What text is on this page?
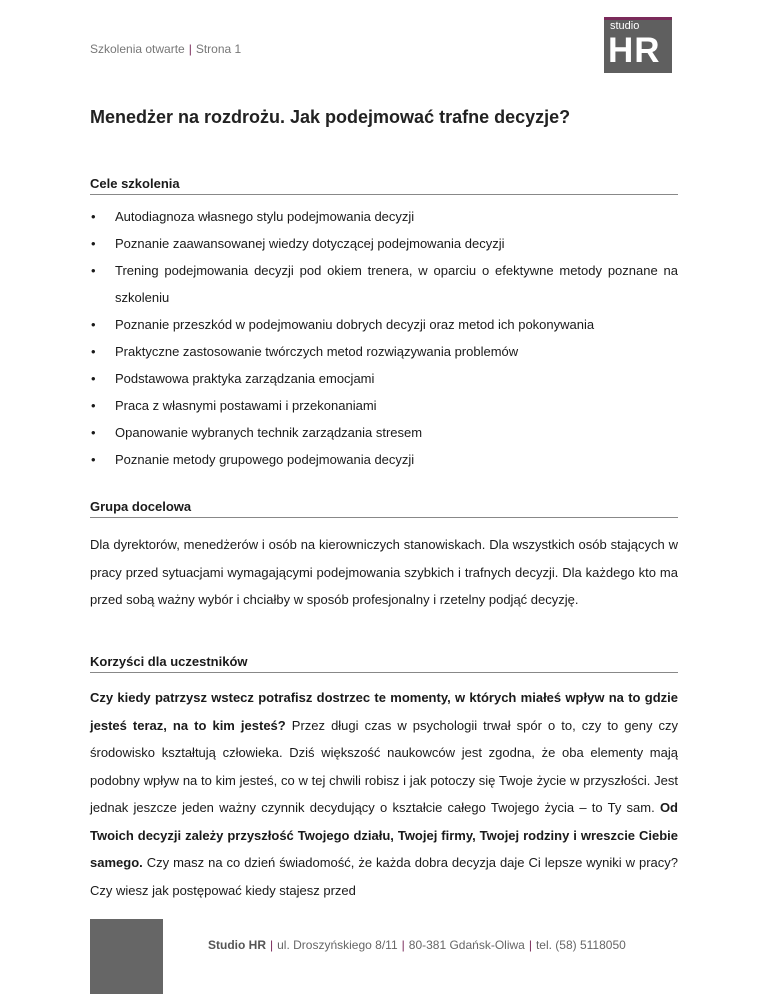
Szkolenia otwarte | Strona 1
studio
HR
Menedżer na rozdrożu. Jak podejmować trafne decyzje?
Cele szkolenia
• Autodiagnoza własnego stylu podejmowania decyzji
• Poznanie zaawansowanej wiedzy dotyczącej podejmowania decyzji
• Trening podejmowania decyzji pod okiem trenera, w oparciu o efektywne metody poznane na szkoleniu
• Poznanie przeszkód w podejmowaniu dobrych decyzji oraz metod ich pokonywania
• Praktyczne zastosowanie twórczych metod rozwiązywania problemów
• Podstawowa praktyka zarządzania emocjami
• Praca z własnymi postawami i przekonaniami
• Opanowanie wybranych technik zarządzania stresem
• Poznanie metody grupowego podejmowania decyzji
Grupa docelowa
Dla dyrektorów, menedżerów i osób na kierowniczych stanowiskach. Dla wszystkich osób stających w pracy przed sytuacjami wymagającymi podejmowania szybkich i trafnych decyzji. Dla każdego kto ma przed sobą ważny wybór i chciałby w sposób profesjonalny i rzetelny podjąć decyzję.
Korzyści dla uczestników
Czy kiedy patrzysz wstecz potrafisz dostrzec te momenty, w których miałeś wpływ na to gdzie jesteś teraz, na to kim jesteś? Przez długi czas w psychologii trwał spór o to, czy to geny czy środowisko kształtują człowieka. Dziś większość naukowców jest zgodna, że oba elementy mają podobny wpływ na to kim jesteś, co w tej chwili robisz i jak potoczy się Twoje życie w przyszłości. Jest jednak jeszcze jeden ważny czynnik decydujący o kształcie całego Twojego życia – to Ty sam. Od Twoich decyzji zależy przyszłość Twojego działu, Twojej firmy, Twojej rodziny i wreszcie Ciebie samego. Czy masz na co dzień świadomość, że każda dobra decyzja daje Ci lepsze wyniki w pracy? Czy wiesz jak postępować kiedy stajesz przed
Studio HR | ul. Droszyńskiego 8/11 | 80-381 Gdańsk-Oliwa | tel. (58) 5118050
